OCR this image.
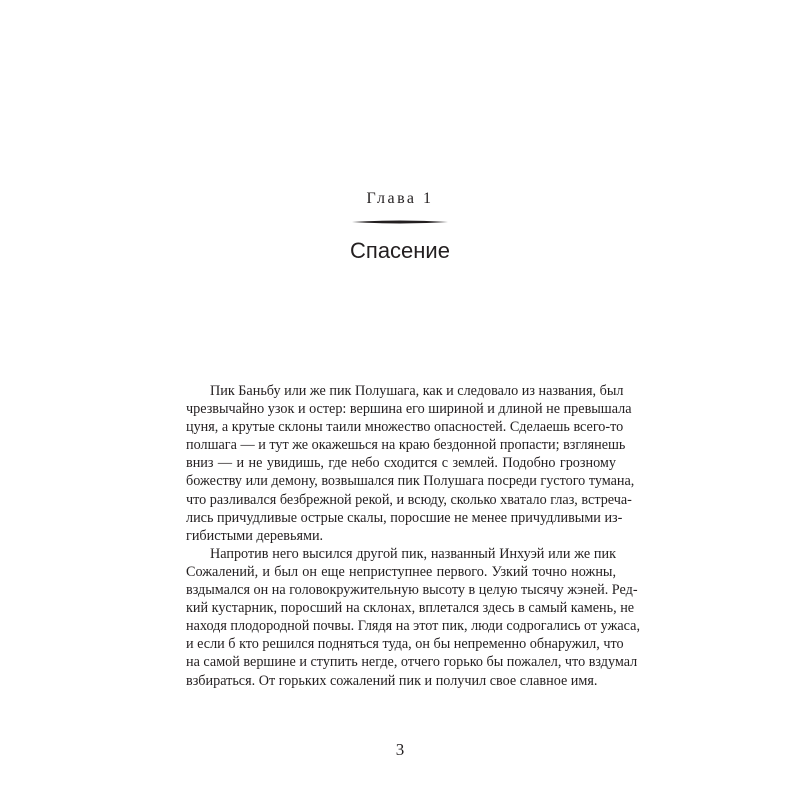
Глава 1
Спасение
Пик Баньбу или же пик Полушага, как и следовало из названия, был
чрезвычайно узок и остер: вершина его шириной и длиной не превышала
цуня, а крутые склоны таили множество опасностей. Сделаешь всего-то
полшага — и тут же окажешься на краю бездонной пропасти; взглянешь
вниз — и не увидишь, где небо сходится с землей. Подобно грозному
божеству или демону, возвышался пик Полушага посреди густого тумана,
что разливался безбрежной рекой, и всюду, сколько хватало глаз, встреча-
лись причудливые острые скалы, поросшие не менее причудливыми из-
гибистыми деревьями.
Напротив него высился другой пик, названный Инхуэй или же пик
Сожалений, и был он еще неприступнее первого. Узкий точно ножны,
вздымался он на головокружительную высоту в целую тысячу жэней. Ред-
кий кустарник, поросший на склонах, вплетался здесь в самый камень, не
находя плодородной почвы. Глядя на этот пик, люди содрогались от ужаса,
и если б кто решился подняться туда, он бы непременно обнаружил, что
на самой вершине и ступить негде, отчего горько бы пожалел, что вздумал
взбираться. От горьких сожалений пик и получил свое славное имя.
3
